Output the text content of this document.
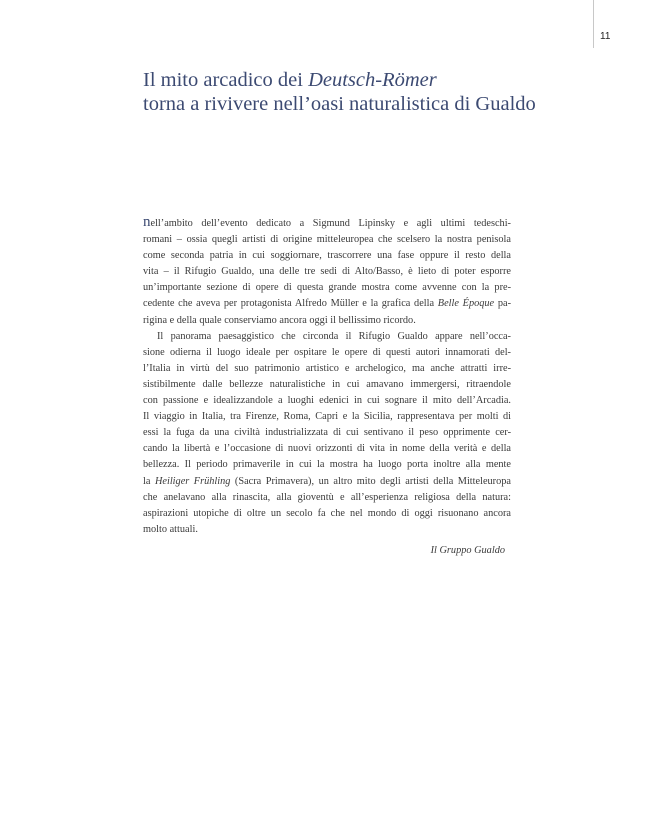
11
Il mito arcadico dei Deutsch-Römer
torna a rivivere nell’oasi naturalistica di Gualdo
nell’ambito dell’evento dedicato a Sigmund Lipinsky e agli ultimi tedeschi-
romani – ossia quegli artisti di origine mitteleuropea che scelsero la nostra penisola
come seconda patria in cui soggiornare, trascorrere una fase oppure il resto della
vita – il Rifugio Gualdo, una delle tre sedi di Alto/Basso, è lieto di poter esporre
un’importante sezione di opere di questa grande mostra come avvenne con la pre-
cedente che aveva per protagonista Alfredo Müller e la grafica della Belle Époque pa-
rigina e della quale conserviamo ancora oggi il bellissimo ricordo.
Il panorama paesaggistico che circonda il Rifugio Gualdo appare nell’occa-
sione odierna il luogo ideale per ospitare le opere di questi autori innamorati del-
l’Italia in virtù del suo patrimonio artistico e archelogico, ma anche attratti irre-
sistibilmente dalle bellezze naturalistiche in cui amavano immergersi, ritraendole
con passione e idealizzandole a luoghi edenici in cui sognare il mito dell’Arcadia.
Il viaggio in Italia, tra Firenze, Roma, Capri e la Sicilia, rappresentava per molti di
essi la fuga da una civiltà industrializzata di cui sentivano il peso opprimente cer-
cando la libertà e l’occasione di nuovi orizzonti di vita in nome della verità e della
bellezza. Il periodo primaverile in cui la mostra ha luogo porta inoltre alla mente
la Heiliger Frühling (Sacra Primavera), un altro mito degli artisti della Mitteleuropa
che anelavano alla rinascita, alla gioventù e all’esperienza religiosa della natura:
aspirazioni utopiche di oltre un secolo fa che nel mondo di oggi risuonano ancora
molto attuali.
Il Gruppo Gualdo
